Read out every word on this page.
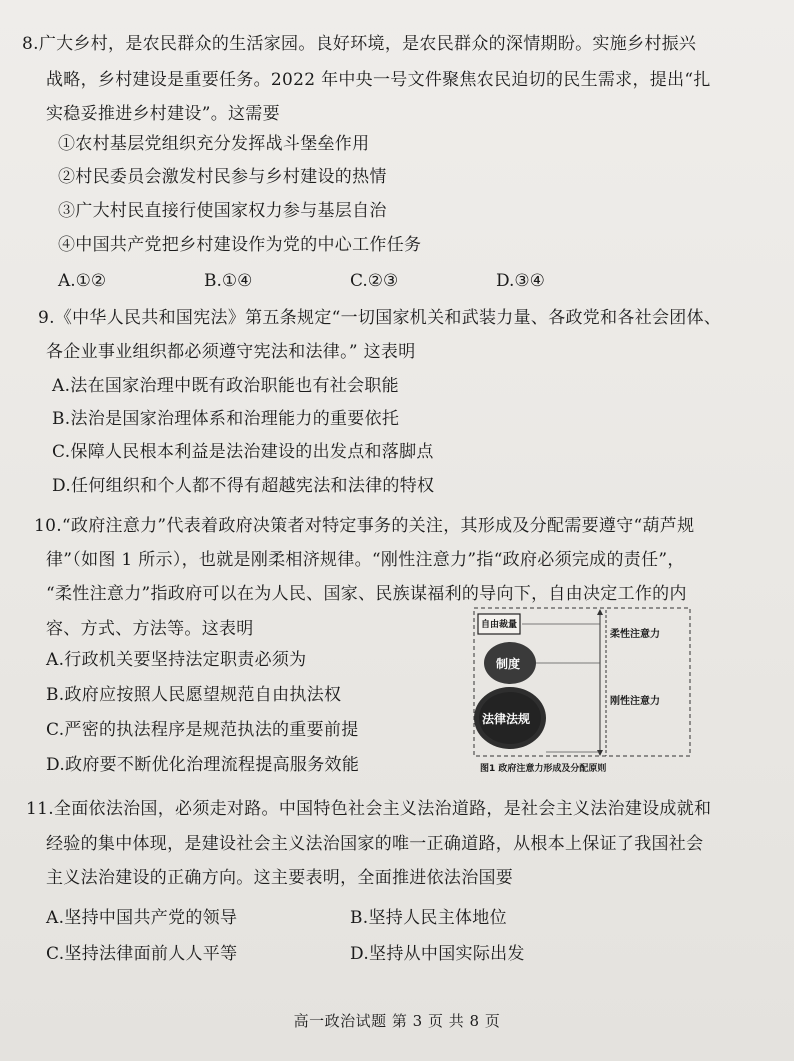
8.广大乡村，是农民群众的生活家园。良好环境，是农民群众的深情期盼。实施乡村振兴
战略，乡村建设是重要任务。2022 年中央一号文件聚焦农民迫切的民生需求，提出“扎
实稳妥推进乡村建设”。这需要
①农村基层党组织充分发挥战斗堡垒作用
②村民委员会激发村民参与乡村建设的热情
③广大村民直接行使国家权力参与基层自治
④中国共产党把乡村建设作为党的中心工作任务
A.①②	B.①④	C.②③	D.③④
9.《中华人民共和国宪法》第五条规定“一切国家机关和武装力量、各政党和各社会团体、
各企业事业组织都必须遵守宪法和法律。” 这表明
A.法在国家治理中既有政治职能也有社会职能
B.法治是国家治理体系和治理能力的重要依托
C.保障人民根本利益是法治建设的出发点和落脚点
D.任何组织和个人都不得有超越宪法和法律的特权
10.“政府注意力”代表着政府决策者对特定事务的关注，其形成及分配需要遵守“葫芦规
律”（如图 1 所示），也就是刚柔相济规律。“刚性注意力”指“政府必须完成的责任”，
“柔性注意力”指政府可以在为人民、国家、民族谋福利的导向下，自由决定工作的内
容、方式、方法等。这表明
A.行政机关要坚持法定职责必须为
B.政府应按照人民愿望规范自由执法权
C.严密的执法程序是规范执法的重要前提
D.政府要不断优化治理流程提高服务效能
自由裁量
制度
法律法规
柔性注意力
刚性注意力
图1 政府注意力形成及分配原则
11.全面依法治国，必须走对路。中国特色社会主义法治道路，是社会主义法治建设成就和
经验的集中体现，是建设社会主义法治国家的唯一正确道路，从根本上保证了我国社会
主义法治建设的正确方向。这主要表明，全面推进依法治国要
A.坚持中国共产党的领导	B.坚持人民主体地位
C.坚持法律面前人人平等	D.坚持从中国实际出发
高一政治试题 第 3 页 共 8 页
